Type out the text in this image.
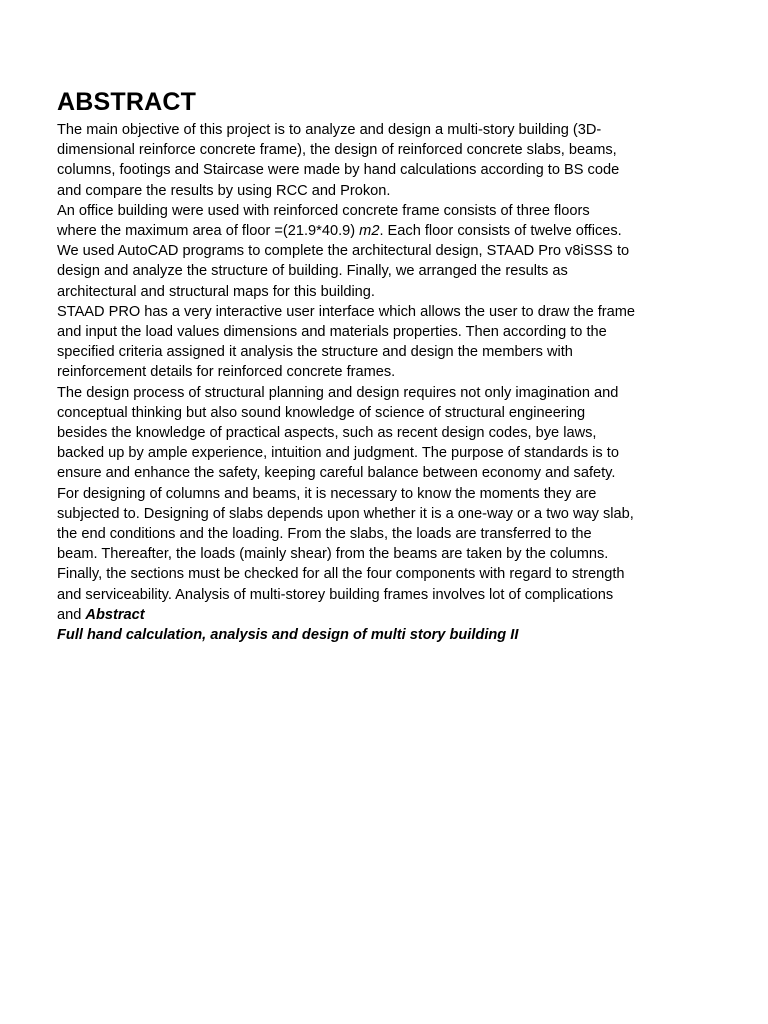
ABSTRACT
The main objective of this project is to analyze and design a multi-story building (3D-
dimensional reinforce concrete frame), the design of reinforced concrete slabs, beams,
columns, footings and Staircase were made by hand calculations according to BS code
and compare the results by using RCC and Prokon.
An office building were used with reinforced concrete frame consists of three floors
where the maximum area of floor =(21.9*40.9) m2. Each floor consists of twelve offices.
We used AutoCAD programs to complete the architectural design, STAAD Pro v8iSSS to
design and analyze the structure of building. Finally, we arranged the results as
architectural and structural maps for this building.
STAAD PRO has a very interactive user interface which allows the user to draw the frame
and input the load values dimensions and materials properties. Then according to the
specified criteria assigned it analysis the structure and design the members with
reinforcement details for reinforced concrete frames.
The design process of structural planning and design requires not only imagination and
conceptual thinking but also sound knowledge of science of structural engineering
besides the knowledge of practical aspects, such as recent design codes, bye laws,
backed up by ample experience, intuition and judgment. The purpose of standards is to
ensure and enhance the safety, keeping careful balance between economy and safety.
For designing of columns and beams, it is necessary to know the moments they are
subjected to. Designing of slabs depends upon whether it is a one-way or a two way slab,
the end conditions and the loading. From the slabs, the loads are transferred to the
beam. Thereafter, the loads (mainly shear) from the beams are taken by the columns.
Finally, the sections must be checked for all the four components with regard to strength
and serviceability. Analysis of multi-storey building frames involves lot of complications
and Abstract
Full hand calculation, analysis and design of multi story building II
